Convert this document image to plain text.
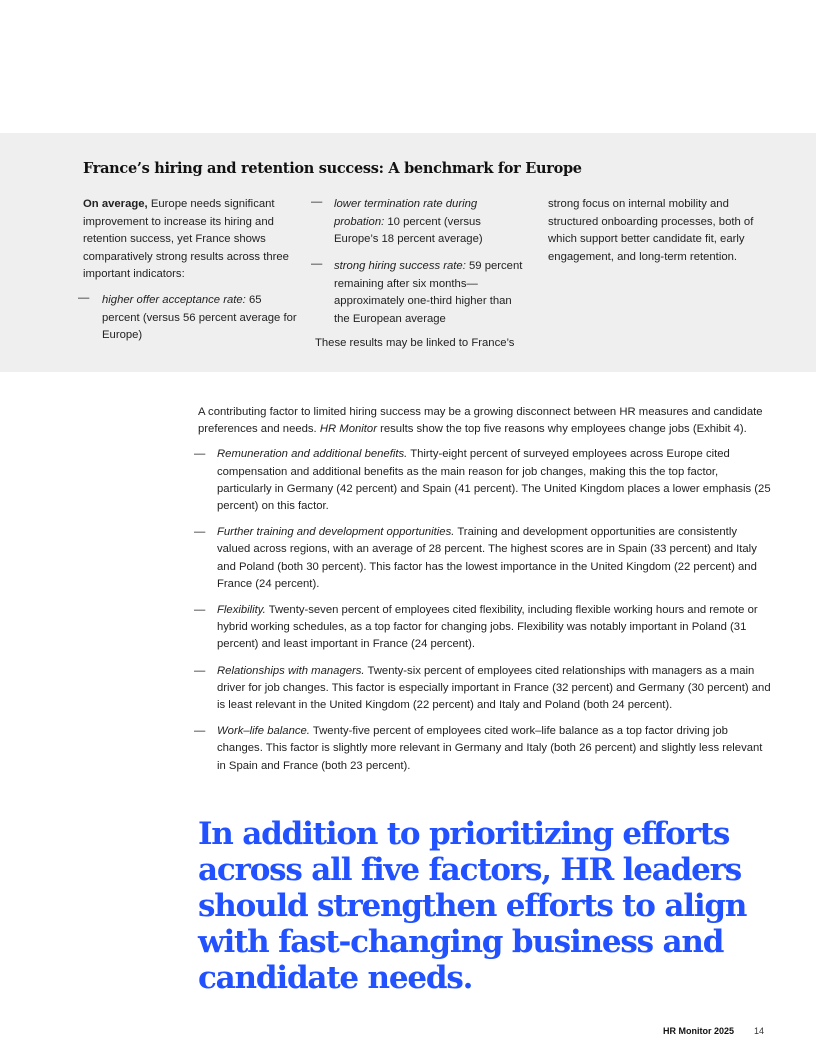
France’s hiring and retention success: A benchmark for Europe

On average, Europe needs significant improvement to increase its hiring and retention success, yet France shows comparatively strong results across three important indicators:

— higher offer acceptance rate: 65 percent (versus 56 percent average for Europe)
— lower termination rate during probation: 10 percent (versus Europe’s 18 percent average)
— strong hiring success rate: 59 percent remaining after six months—approximately one-third higher than the European average
These results may be linked to France’s
strong focus on internal mobility and structured onboarding processes, both of which support better candidate fit, early engagement, and long-term retention.

A contributing factor to limited hiring success may be a growing disconnect between HR measures and candidate preferences and needs. HR Monitor results show the top five reasons why employees change jobs (Exhibit 4).

— Remuneration and additional benefits. Thirty-eight percent of surveyed employees across Europe cited compensation and additional benefits as the main reason for job changes, making this the top factor, particularly in Germany (42 percent) and Spain (41 percent). The United Kingdom places a lower emphasis (25 percent) on this factor.
— Further training and development opportunities. Training and development opportunities are consistently valued across regions, with an average of 28 percent. The highest scores are in Spain (33 percent) and Italy and Poland (both 30 percent). This factor has the lowest importance in the United Kingdom (22 percent) and France (24 percent).
— Flexibility. Twenty-seven percent of employees cited flexibility, including flexible working hours and remote or hybrid working schedules, as a top factor for changing jobs. Flexibility was notably important in Poland (31 percent) and least important in France (24 percent).
— Relationships with managers. Twenty-six percent of employees cited relationships with managers as a main driver for job changes. This factor is especially important in France (32 percent) and Germany (30 percent) and is least relevant in the United Kingdom (22 percent) and Italy and Poland (both 24 percent).
— Work–life balance. Twenty-five percent of employees cited work–life balance as a top factor driving job changes. This factor is slightly more relevant in Germany and Italy (both 26 percent) and slightly less relevant in Spain and France (both 23 percent).
In addition to prioritizing efforts across all five factors, HR leaders should strengthen efforts to align with fast-changing business and candidate needs.
HR Monitor 2025 14
